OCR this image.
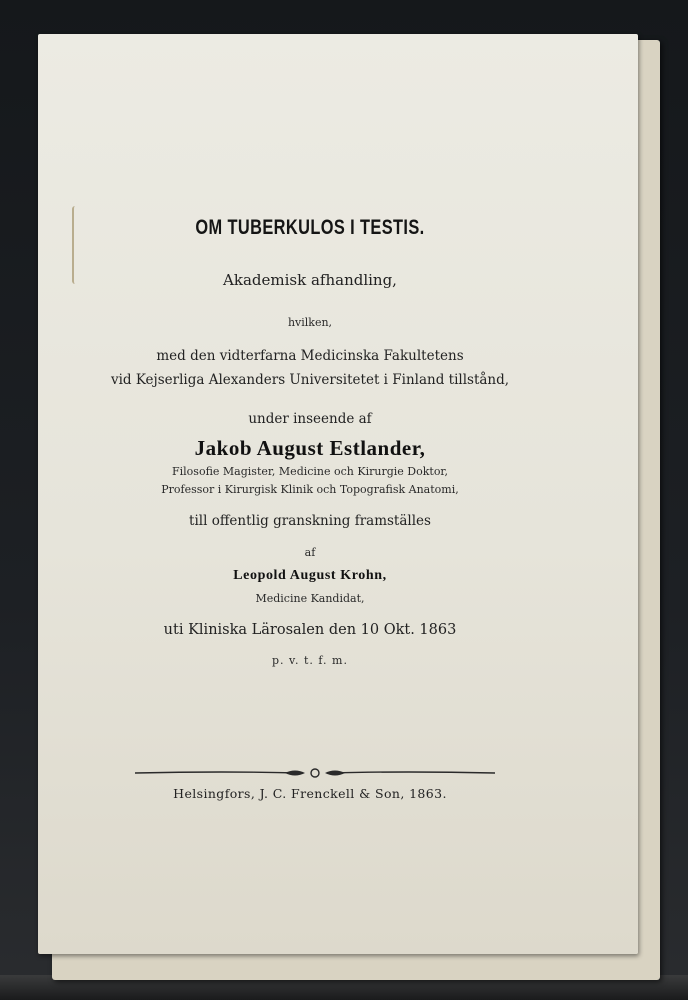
OM TUBERKULOS I TESTIS.
Akademisk afhandling,
hvilken,
med den vidterfarna Medicinska Fakultetens
vid Kejserliga Alexanders Universitetet i Finland tillstånd,
under inseende af
Jakob August Estlander,
Filosofie Magister, Medicine och Kirurgie Doktor,
Professor i Kirurgisk Klinik och Topografisk Anatomi,
till offentlig granskning framställes
af
Leopold August Krohn,
Medicine Kandidat,
uti Kliniska Lärosalen den 10 Okt. 1863
p. v. t. f. m.
Helsingfors, J. C. Frenckell & Son, 1863.
